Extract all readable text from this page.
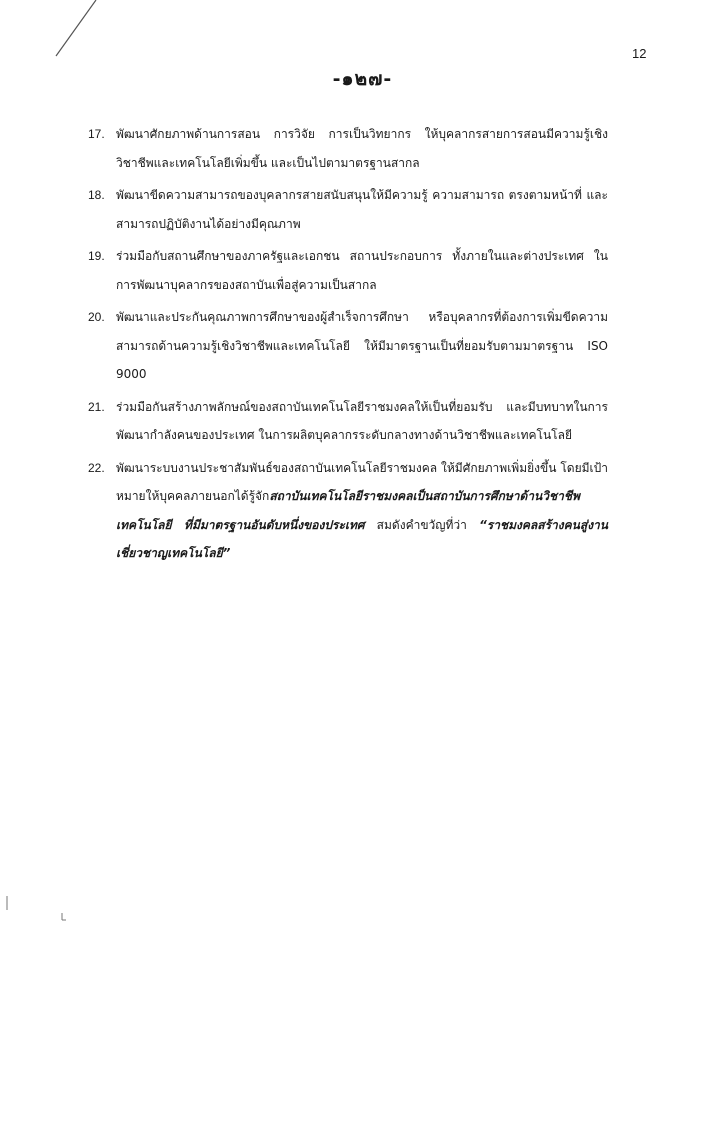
12
-๑๒๗-
17. พัฒนาศักยภาพด้านการสอน การวิจัย การเป็นวิทยากร ให้บุคลากรสายการสอนมีความรู้เชิงวิชาชีพและเทคโนโลยีเพิ่มขึ้น และเป็นไปตามาตรฐานสากล
18. พัฒนาขีดความสามารถของบุคลากรสายสนับสนุนให้มีความรู้ ความสามารถ ตรงตามหน้าที่ และสามารถปฏิบัติงานได้อย่างมีคุณภาพ
19. ร่วมมือกับสถานศึกษาของภาครัฐและเอกชน สถานประกอบการ ทั้งภายในและต่างประเทศ ในการพัฒนาบุคลากรของสถาบันเพื่อสู่ความเป็นสากล
20. พัฒนาและประกันคุณภาพการศึกษาของผู้สำเร็จการศึกษา หรือบุคลากรที่ต้องการเพิ่มขีดความสามารถด้านความรู้เชิงวิชาชีพและเทคโนโลยี ให้มีมาตรฐานเป็นที่ยอมรับตามมาตรฐาน ISO 9000
21. ร่วมมือกันสร้างภาพลักษณ์ของสถาบันเทคโนโลยีราชมงคลให้เป็นที่ยอมรับ และมีบทบาทในการพัฒนากำลังคนของประเทศ ในการผลิตบุคลากรระดับกลางทางด้านวิชาชีพและเทคโนโลยี
22. พัฒนาระบบงานประชาสัมพันธ์ของสถาบันเทคโนโลยีราชมงคล ให้มีศักยภาพเพิ่มยิ่งขึ้น โดยมีเป้าหมายให้บุคคลภายนอกได้รู้จักสถาบันเทคโนโลยีราชมงคลเป็นสถาบันการศึกษาด้านวิชาชีพเทคโนโลยี ที่มีมาตรฐานอันดับหนึ่งของประเทศ สมดังคำขวัญที่ว่า “ราชมงคลสร้างคนสู่งานเชี่ยวชาญเทคโนโลยี”
